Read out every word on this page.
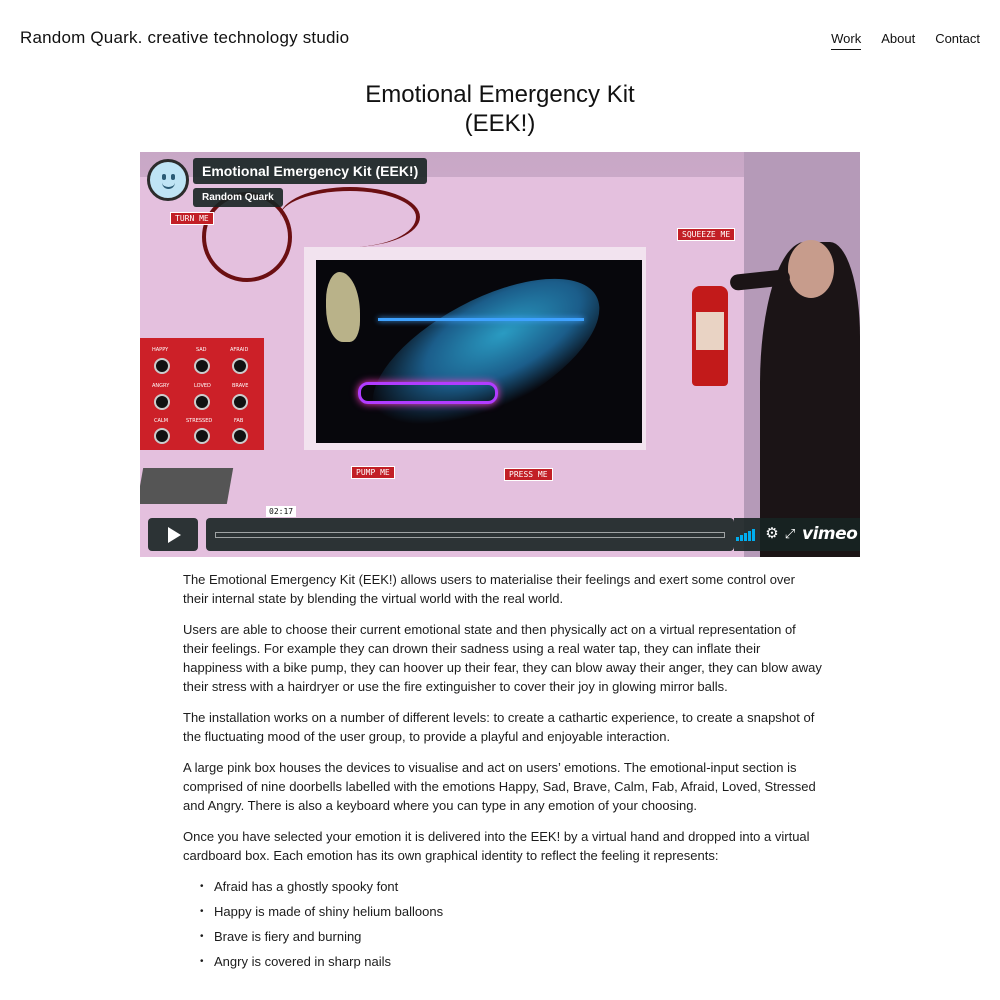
Random Quark. creative technology studio	Work About Contact
Emotional Emergency Kit
(EEK!)
TURN ME
SQUEEZE ME
PUMP ME	PRESS ME
HAPPY	SAD	AFRAID
ANGRY	LOVED	BRAVE
CALM	STRESSED	FAB
Emotional Emergency Kit (EEK!)
Random Quark
02:17
⚙ ⤢ vimeo

The Emotional Emergency Kit (EEK!) allows users to materialise their feelings and exert some control over their internal state by blending the virtual world with the real world.

Users are able to choose their current emotional state and then physically act on a virtual representation of their feelings. For example they can drown their sadness using a real water tap, they can inflate their happiness with a bike pump, they can hoover up their fear, they can blow away their anger, they can blow away their stress with a hairdryer or use the fire extinguisher to cover their joy in glowing mirror balls.

The installation works on a number of different levels: to create a cathartic experience, to create a snapshot of the fluctuating mood of the user group, to provide a playful and enjoyable interaction.

A large pink box houses the devices to visualise and act on users’ emotions. The emotional-input section is comprised of nine doorbells labelled with the emotions Happy, Sad, Brave, Calm, Fab, Afraid, Loved, Stressed and Angry. There is also a keyboard where you can type in any emotion of your choosing.

Once you have selected your emotion it is delivered into the EEK! by a virtual hand and dropped into a virtual cardboard box. Each emotion has its own graphical identity to reflect the feeling it represents:

• Afraid has a ghostly spooky font
• Happy is made of shiny helium balloons
• Brave is fiery and burning
• Angry is covered in sharp nails
